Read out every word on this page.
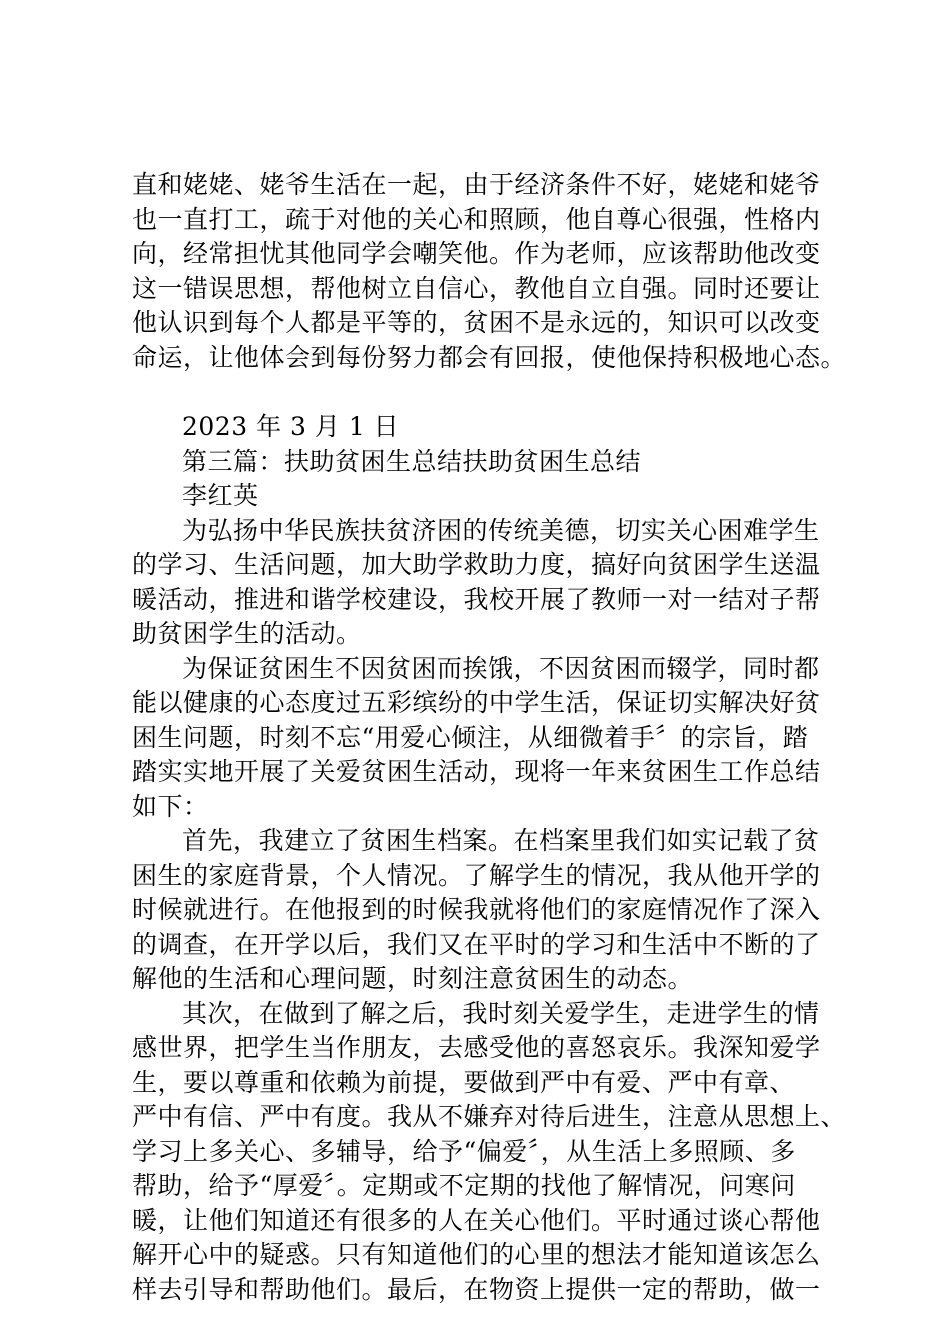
直和姥姥、姥爷生活在一起，由于经济条件不好，姥姥和姥爷
也一直打工，疏于对他的关心和照顾，他自尊心很强，性格内
向，经常担忧其他同学会嘲笑他。作为老师，应该帮助他改变
这一错误思想，帮他树立自信心，教他自立自强。同时还要让
他认识到每个人都是平等的，贫困不是永远的，知识可以改变
命运，让他体会到每份努力都会有回报，使他保持积极地心态。
2023 年 3 月 1 日
第三篇：扶助贫困生总结扶助贫困生总结
李红英
为弘扬中华民族扶贫济困的传统美德，切实关心困难学生
的学习、生活问题，加大助学救助力度，搞好向贫困学生送温
暖活动，推进和谐学校建设，我校开展了教师一对一结对子帮
助贫困学生的活动。
为保证贫困生不因贫困而挨饿，不因贫困而辍学，同时都
能以健康的心态度过五彩缤纷的中学生活，保证切实解决好贫
困生问题，时刻不忘“用爱心倾注，从细微着手〞的宗旨，踏
踏实实地开展了关爱贫困生活动，现将一年来贫困生工作总结
如下：
首先，我建立了贫困生档案。在档案里我们如实记载了贫
困生的家庭背景，个人情况。了解学生的情况，我从他开学的
时候就进行。在他报到的时候我就将他们的家庭情况作了深入
的调查，在开学以后，我们又在平时的学习和生活中不断的了
解他的生活和心理问题，时刻注意贫困生的动态。
其次，在做到了解之后，我时刻关爱学生，走进学生的情
感世界，把学生当作朋友，去感受他的喜怒哀乐。我深知爱学
生，要以尊重和依赖为前提，要做到严中有爱、严中有章、
严中有信、严中有度。我从不嫌弃对待后进生，注意从思想上、
学习上多关心、多辅导，给予“偏爱〞，从生活上多照顾、多
帮助，给予“厚爱〞。定期或不定期的找他了解情况，问寒问
暖，让他们知道还有很多的人在关心他们。平时通过谈心帮他
解开心中的疑惑。只有知道他们的心里的想法才能知道该怎么
样去引导和帮助他们。最后，在物资上提供一定的帮助，做一
